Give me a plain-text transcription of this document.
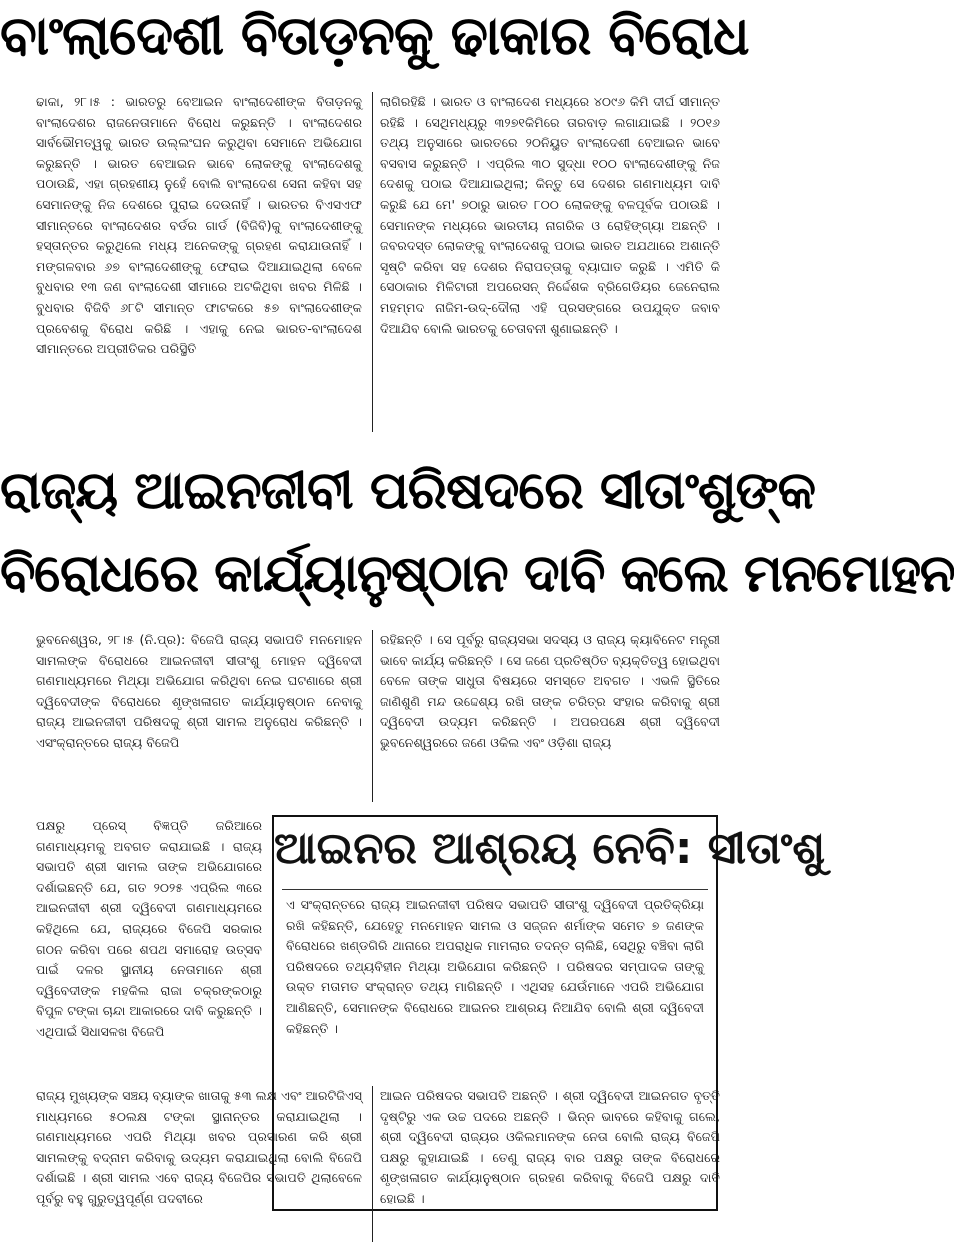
ବାଂଲାଦେଶୀ ବିତାଡ଼ନକୁ ଢାକାର ବିରୋଧ

ଢାକା, ୨୮।୫ : ଭାରତରୁ ବେଆଇନ ବାଂଲାଦେଶୀଙ୍କ ବିତାଡ଼ନକୁ ବାଂଲାଦେଶର ରାଜନେତାମାନେ ବିରୋଧ କରୁଛନ୍ତି । ବାଂଲାଦେଶର ସାର୍ବଭୌମତ୍ୱକୁ ଭାରତ ଉଲ୍ଲଂଘନ କରୁଥିବା ସେମାନେ ଅଭିଯୋଗ କରୁଛନ୍ତି । ଭାରତ ବେଆଇନ ଭାବେ ଲୋକଙ୍କୁ ବାଂଲାଦେଶକୁ ପଠାଉଛି, ଏହା ଗ୍ରହଣୀୟ ନୁହେଁ ବୋଲି ବାଂଲାଦେଶ ସେନା କହିବା ସହ ସେମାନଙ୍କୁ ନିଜ ଦେଶରେ ପୁରାଇ ଦେଉନାହିଁ । ଭାରତର ବିଏସଏଫ ସୀମାନ୍ତରେ ବାଂଲାଦେଶର ବର୍ଡର ଗାର୍ଡ (ବିଜିବି)କୁ ବାଂଲାଦେଶୀଙ୍କୁ ହସ୍ତାନ୍ତର କରୁଥିଲେ ମଧ୍ୟ ଅନେକଙ୍କୁ ଗ୍ରହଣ କରାଯାଉନାହିଁ । ମଙ୍ଗଳବାର ୬୭ ବାଂଲାଦେଶୀଙ୍କୁ ଫେରାଇ ଦିଆଯାଇଥିଲା ବେଳେ ବୁଧବାର ୧୩ ଜଣ ବାଂଲାଦେଶୀ ସୀମାରେ ଅଟକିଥିବା ଖବର ମିଳିଛି । ବୁଧବାର ବିଜିବି ୬୮ଟି ସୀମାନ୍ତ ଫାଟକରେ ୫୭ ବାଂଲାଦେଶୀଙ୍କ ପ୍ରବେଶକୁ ବିରୋଧ କରିଛି । ଏହାକୁ ନେଇ ଭାରତ-ବାଂଲାଦେଶ ସୀମାନ୍ତରେ ଅପ୍ରୀତିକର ପରିସ୍ଥିତି

ଲାଗିରହିଛି । ଭାରତ ଓ ବାଂଲାଦେଶ ମଧ୍ୟରେ ୪୦୯୬ କିମି ଦୀର୍ଘ ସୀମାନ୍ତ ରହିଛି । ସେଥିମଧ୍ୟରୁ ୩୨୭୧କିମିରେ ତାରବାଡ଼ ଲଗାଯାଇଛି । ୨୦୧୬ ତଥ୍ୟ ଅନୁସାରେ ଭାରତରେ ୨୦ନିୟୁତ ବାଂଲାଦେଶୀ ବେଆଇନ ଭାବେ ବସବାସ କରୁଛନ୍ତି । ଏପ୍ରିଲ ୩୦ ସୁଦ୍ଧା ୧୦୦ ବାଂଲାଦେଶୀଙ୍କୁ ନିଜ ଦେଶକୁ ପଠାଇ ଦିଆଯାଇଥିଲା; କିନ୍ତୁ ସେ ଦେଶର ଗଣମାଧ୍ୟମ ଦାବି କରୁଛି ଯେ ମେ' ୭୦ାରୁ ଭାରତ ୮୦୦ ଲୋକଙ୍କୁ ବଳପୂର୍ବକ ପଠାଉଛି । ସେମାନଙ୍କ ମଧ୍ୟରେ ଭାରତୀୟ ନାଗରିକ ଓ ରୋହିଙ୍ଗ୍ୟା ଅଛନ୍ତି । ଜବରଦସ୍ତ ଲୋକଙ୍କୁ ବାଂଲାଦେଶକୁ ପଠାଇ ଭାରତ ଅଯଥାରେ ଅଶାନ୍ତି ସୃଷ୍ଟି କରିବା ସହ ଦେଶର ନିରାପତ୍ତାକୁ ବ୍ୟାଘାତ କରୁଛି । ଏମିତି କି ସେଠାକାର ମିଳିଟାରୀ ଅପରେସନ୍ ନିର୍ଦ୍ଦେଶକ ବ୍ରିଗେଡିୟର ଜେନେରାଲ ମହମ୍ମଦ ନାଜିମ-ଉଦ୍-ଦୌଲା ଏହି ପ୍ରସଙ୍ଗରେ ଉପଯୁକ୍ତ ଜବାବ ଦିଆଯିବ ବୋଲି ଭାରତକୁ ଚେତାବନୀ ଶୁଣାଇଛନ୍ତି ।

ରାଜ୍ୟ ଆଇନଜୀବୀ ପରିଷଦରେ ସୀତାଂଶୁଙ୍କ
ବିରୋଧରେ କାର୍ଯ୍ୟାନୁଷ୍ଠାନ ଦାବି କଲେ ମନମୋହନ

ଭୁବନେଶ୍ୱର, ୨୮।୫ (ନି.ପ୍ର): ବିଜେପି ରାଜ୍ୟ ସଭାପତି ମନମୋହନ ସାମଲଙ୍କ ବିରୋଧରେ ଆଇନଜୀବୀ ସୀତାଂଶୁ ମୋହନ ଦ୍ୱିବେଦୀ ଗଣମାଧ୍ୟମରେ ମିଥ୍ୟା ଅଭିଯୋଗ କରିଥିବା ନେଇ ଘଟଣାରେ ଶ୍ରୀ ଦ୍ୱିବେଦୀଙ୍କ ବିରୋଧରେ ଶୃଙ୍ଖଳାଗତ କାର୍ଯ୍ୟାନୁଷ୍ଠାନ ନେବାକୁ ରାଜ୍ୟ ଆଇନଜୀବୀ ପରିଷଦକୁ ଶ୍ରୀ ସାମଲ ଅନୁରୋଧ କରିଛନ୍ତି । ଏସଂକ୍ରାନ୍ତରେ ରାଜ୍ୟ ବିଜେପି

ରହିଛନ୍ତି । ସେ ପୂର୍ବରୁ ରାଜ୍ୟସଭା ସଦସ୍ୟ ଓ ରାଜ୍ୟ କ୍ୟାବିନେଟ ମନ୍ତ୍ରୀ ଭାବେ କାର୍ଯ୍ୟ କରିଛନ୍ତି । ସେ ଜଣେ ପ୍ରତିଷ୍ଠିତ ବ୍ୟକ୍ତିତ୍ୱ ହୋଇଥିବା ବେଳେ ତାଙ୍କ ସାଧୁତା ବିଷୟରେ ସମସ୍ତେ ଅବଗତ । ଏଭଳି ସ୍ଥିତିରେ ଜାଣିଶୁଣି ମନ୍ଦ ଉଦ୍ଦେଶ୍ୟ ରଖି ତାଙ୍କ ଚରିତ୍ର ସଂହାର କରିବାକୁ ଶ୍ରୀ ଦ୍ୱିବେଦୀ ଉଦ୍ୟମ କରିଛନ୍ତି । ଅପରପକ୍ଷେ ଶ୍ରୀ ଦ୍ୱିବେଦୀ ଭୁବନେଶ୍ୱରରେ ଜଣେ ଓକିଲ ଏବଂ ଓଡ଼ିଶା ରାଜ୍ୟ

ପକ୍ଷରୁ ପ୍ରେସ୍ ବିଜ୍ଞପ୍ତି ଜରିଆରେ ଗଣମାଧ୍ୟମକୁ ଅବଗତ କରାଯାଇଛି । ରାଜ୍ୟ ସଭାପତି ଶ୍ରୀ ସାମଲ ତାଙ୍କ ଅଭିଯୋଗରେ ଦର୍ଶାଇଛନ୍ତି ଯେ, ଗତ ୨୦୨୫ ଏପ୍ରିଲ ୩ରେ ଆଇନଜୀବୀ ଶ୍ରୀ ଦ୍ୱିବେଦୀ ଗଣମାଧ୍ୟମରେ କହିଥିଲେ ଯେ, ରାଜ୍ୟରେ ବିଜେପି ସରକାର ଗଠନ କରିବା ପରେ ଶପଥ ସମାରୋହ ଉତ୍ସବ ପାଇଁ ଦଳର ସ୍ଥାନୀୟ ନେତାମାନେ ଶ୍ରୀ ଦ୍ୱିବେଦୀଙ୍କ ମହକିଲ ରାଜା ଚକ୍ରଙ୍କଠାରୁ ବିପୁଳ ଟଙ୍କା ଚାନ୍ଦା ଆକାରରେ ଦାବି କରୁଛନ୍ତି । ଏଥିପାଇଁ ସିଧାସଳଖ ବିଜେପି

ଆଇନର ଆଶ୍ରୟ ନେବି: ସୀତାଂଶୁ
ଏ ସଂକ୍ରାନ୍ତରେ ରାଜ୍ୟ ଆଇନଜୀବୀ ପରିଷଦ ସଭାପତି ସୀତାଂଶୁ ଦ୍ୱିବେଦୀ ପ୍ରତିକ୍ରିୟା ରଖି କହିଛନ୍ତି, ଯେହେତୁ ମନମୋହନ ସାମଲ ଓ ସଜ୍ଜନ ଶର୍ମାଙ୍କ ସମେତ ୭ ଜଣଙ୍କ ବିରୋଧରେ ଖଣ୍ଡଗିରି ଥାନାରେ ଅପରାଧିକ ମାମଲାର ତଦନ୍ତ ଚାଲିଛି, ସେଥିରୁ ବଞ୍ଚିବା ଲାଗି ପରିଷଦରେ ତଥ୍ୟବିହୀନ ମିଥ୍ୟା ଅଭିଯୋଗ କରିଛନ୍ତି । ପରିଷଦର ସମ୍ପାଦକ ତାଙ୍କୁ ଉକ୍ତ ମତାମତ ସଂକ୍ରାନ୍ତ ତଥ୍ୟ ମାଗିଛନ୍ତି । ଏଥିସହ ଯେଉଁମାନେ ଏପରି ଅଭିଯୋଗ ଆଣିଛନ୍ତି, ସେମାନଙ୍କ ବିରୋଧରେ ଆଇନର ଆଶ୍ରୟ ନିଆଯିବ ବୋଲି ଶ୍ରୀ ଦ୍ୱିବେଦୀ କହିଛନ୍ତି ।

ରାଜ୍ୟ ମୁଖ୍ୟଙ୍କ ସଞ୍ଚୟ ବ୍ୟାଙ୍କ ଖାତାକୁ ୫୩ ଲକ୍ଷ ଏବଂ ଆରଟିଜିଏସ୍ ମାଧ୍ୟମରେ ୫୦ଲକ୍ଷ ଟଙ୍କା ସ୍ଥାନାନ୍ତର କରାଯାଇଥିଲା । ଗଣମାଧ୍ୟମରେ ଏପରି ମିଥ୍ୟା ଖବର ପ୍ରସାରଣ କରି ଶ୍ରୀ ସାମଲଙ୍କୁ ବଦ୍‌ନାମ କରିବାକୁ ଉଦ୍ୟମ କରାଯାଇଥିଲା ବୋଲି ବିଜେପି ଦର୍ଶାଇଛି । ଶ୍ରୀ ସାମଲ ଏବେ ରାଜ୍ୟ ବିଜେପିର ସଭାପତି ଥିଲାବେଳେ ପୂର୍ବରୁ ବହୁ ଗୁରୁତ୍ୱପୂର୍ଣ୍ଣ ପଦବୀରେ

ଆଇନ ପରିଷଦର ସଭାପତି ଅଛନ୍ତି । ଶ୍ରୀ ଦ୍ୱିବେଦୀ ଆଇନଗତ ବୃତ୍ତି ଦୃଷ୍ଟିରୁ ଏକ ଉଚ୍ଚ ପଦରେ ଅଛନ୍ତି । ଭିନ୍ନ ଭାବରେ କହିବାକୁ ଗଲେ, ଶ୍ରୀ ଦ୍ୱିବେଦୀ ରାଜ୍ୟର ଓକିଲମାନଙ୍କ ନେତା ବୋଲି ରାଜ୍ୟ ବିଜେପି ପକ୍ଷରୁ କୁହାଯାଇଛି । ତେଣୁ ରାଜ୍ୟ ବାର ପକ୍ଷରୁ ତାଙ୍କ ବିରୋଧରେ ଶୃଙ୍ଖଳାଗତ କାର୍ଯ୍ୟାନୁଷ୍ଠାନ ଗ୍ରହଣ କରିବାକୁ ବିଜେପି ପକ୍ଷରୁ ଦାବି ହୋଇଛି ।
